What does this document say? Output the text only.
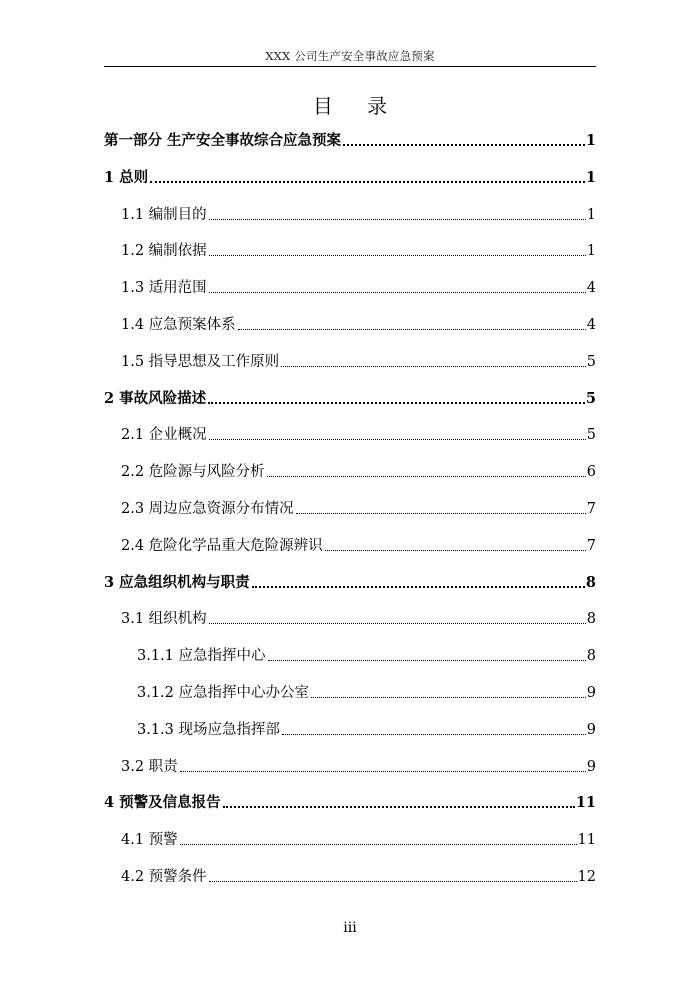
XXX 公司生产安全事故应急预案
目 录
第一部分 生产安全事故综合应急预案	1
1 总则	1
1.1 编制目的	1
1.2 编制依据	1
1.3 适用范围	4
1.4 应急预案体系	4
1.5 指导思想及工作原则	5
2 事故风险描述	5
2.1 企业概况	5
2.2 危险源与风险分析	6
2.3 周边应急资源分布情况	7
2.4 危险化学品重大危险源辨识	7
3 应急组织机构与职责	8
3.1 组织机构	8
3.1.1 应急指挥中心	8
3.1.2 应急指挥中心办公室	9
3.1.3 现场应急指挥部	9
3.2 职责	9
4 预警及信息报告	11
4.1 预警	11
4.2 预警条件	12
iii
